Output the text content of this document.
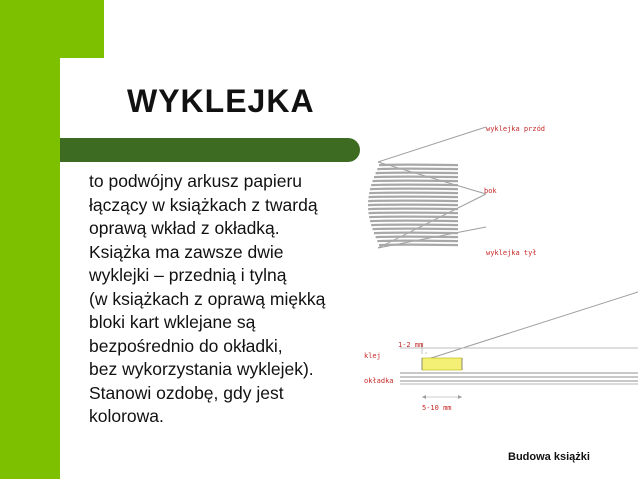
WYKLEJKA
to podwójny arkusz papieru
łączący w książkach z twardą
oprawą wkład z okładką.
Książka ma zawsze dwie
wyklejki – przednią i tylną
(w książkach z oprawą miękką
bloki kart wklejane są
bezpośrednio do okładki,
bez wykorzystania wyklejek).
Stanowi ozdobę, gdy jest
kolorowa.
wyklejka przód
bok
wyklejka tył
1-2 mm
klej
okładka
5-10 mm
Budowa książki
